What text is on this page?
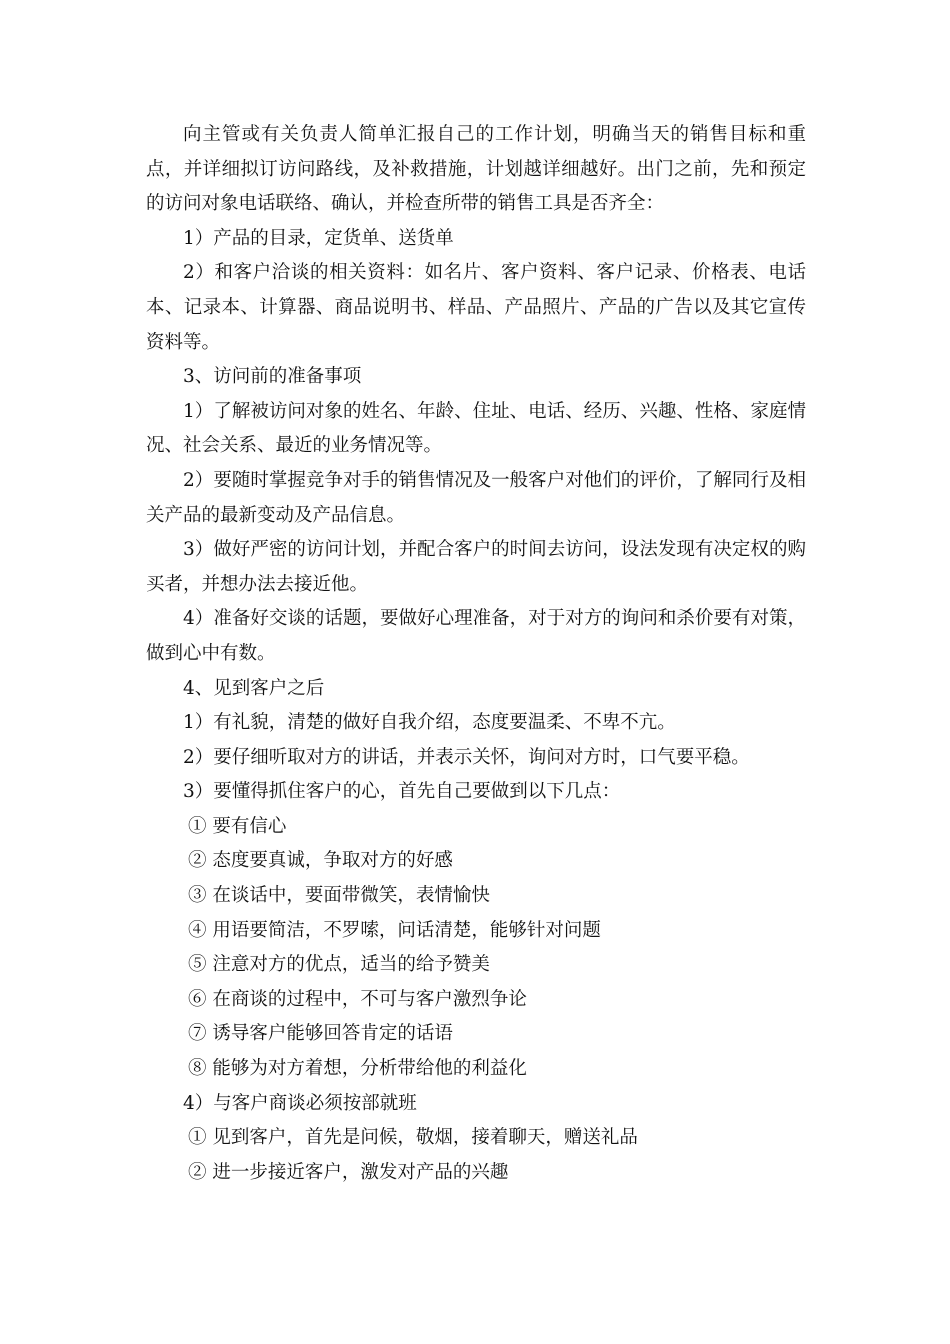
向主管或有关负责人简单汇报自己的工作计划，明确当天的销售目标和重点，并详细拟订访问路线，及补救措施，计划越详细越好。出门之前，先和预定的访问对象电话联络、确认，并检查所带的销售工具是否齐全：

1）产品的目录，定货单、送货单

2）和客户洽谈的相关资料：如名片、客户资料、客户记录、价格表、电话本、记录本、计算器、商品说明书、样品、产品照片、产品的广告以及其它宣传资料等。

3、访问前的准备事项

1）了解被访问对象的姓名、年龄、住址、电话、经历、兴趣、性格、家庭情况、社会关系、最近的业务情况等。

2）要随时掌握竞争对手的销售情况及一般客户对他们的评价，了解同行及相关产品的最新变动及产品信息。

3）做好严密的访问计划，并配合客户的时间去访问，设法发现有决定权的购买者，并想办法去接近他。

4）准备好交谈的话题，要做好心理准备，对于对方的询问和杀价要有对策，做到心中有数。

4、见到客户之后

1）有礼貌，清楚的做好自我介绍，态度要温柔、不卑不亢。

2）要仔细听取对方的讲话，并表示关怀，询问对方时，口气要平稳。

3）要懂得抓住客户的心，首先自己要做到以下几点：

① 要有信心

② 态度要真诚，争取对方的好感

③ 在谈话中，要面带微笑，表情愉快

④ 用语要简洁，不罗嗦，问话清楚，能够针对问题

⑤ 注意对方的优点，适当的给予赞美

⑥ 在商谈的过程中，不可与客户激烈争论

⑦ 诱导客户能够回答肯定的话语

⑧ 能够为对方着想，分析带给他的利益化

4）与客户商谈必须按部就班

① 见到客户，首先是问候，敬烟，接着聊天，赠送礼品

② 进一步接近客户，激发对产品的兴趣
